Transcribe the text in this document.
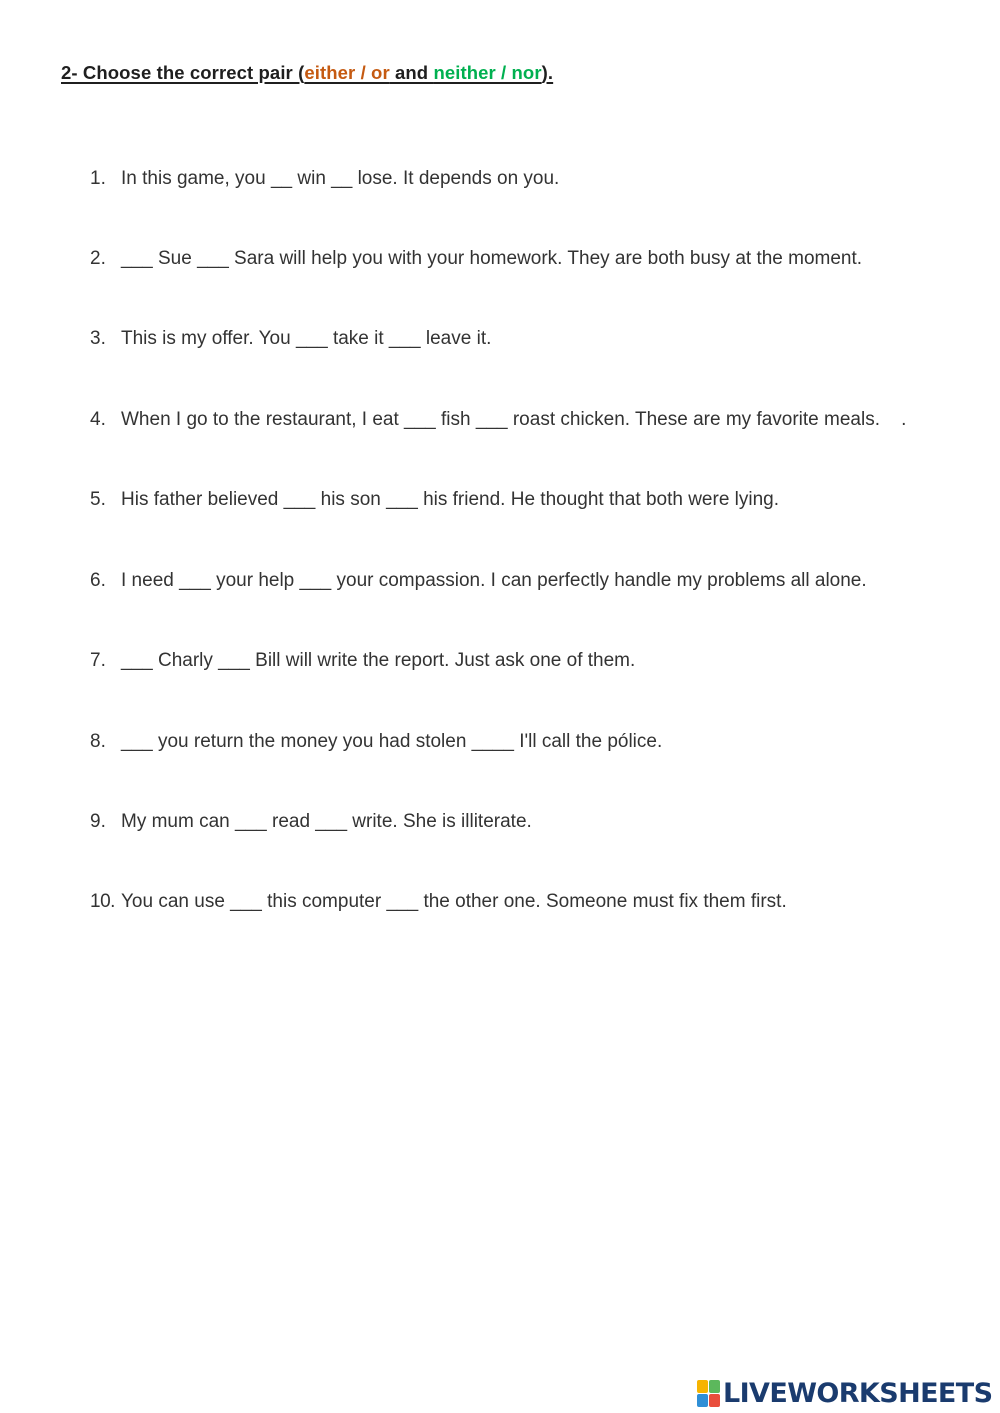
2- Choose the correct pair (either / or and neither / nor).
1. In this game, you __ win __ lose. It depends on you.
2. ___ Sue ___ Sara will help you with your homework. They are both busy at the moment.
3. This is my offer. You ___ take it ___ leave it.
4. When I go to the restaurant, I eat ___ fish ___ roast chicken. These are my favorite meals.    .
5. His father believed ___ his son ___ his friend. He thought that both were lying.
6. I need ___ your help ___ your compassion. I can perfectly handle my problems all alone.
7. ___ Charly ___ Bill will write the report. Just ask one of them.
8. ___ you return the money you had stolen ____ I'll call the pólice.
9. My mum can ___ read ___ write. She is illiterate.
10. You can use ___ this computer ___ the other one. Someone must fix them first.
LIVEWORKSHEETS
